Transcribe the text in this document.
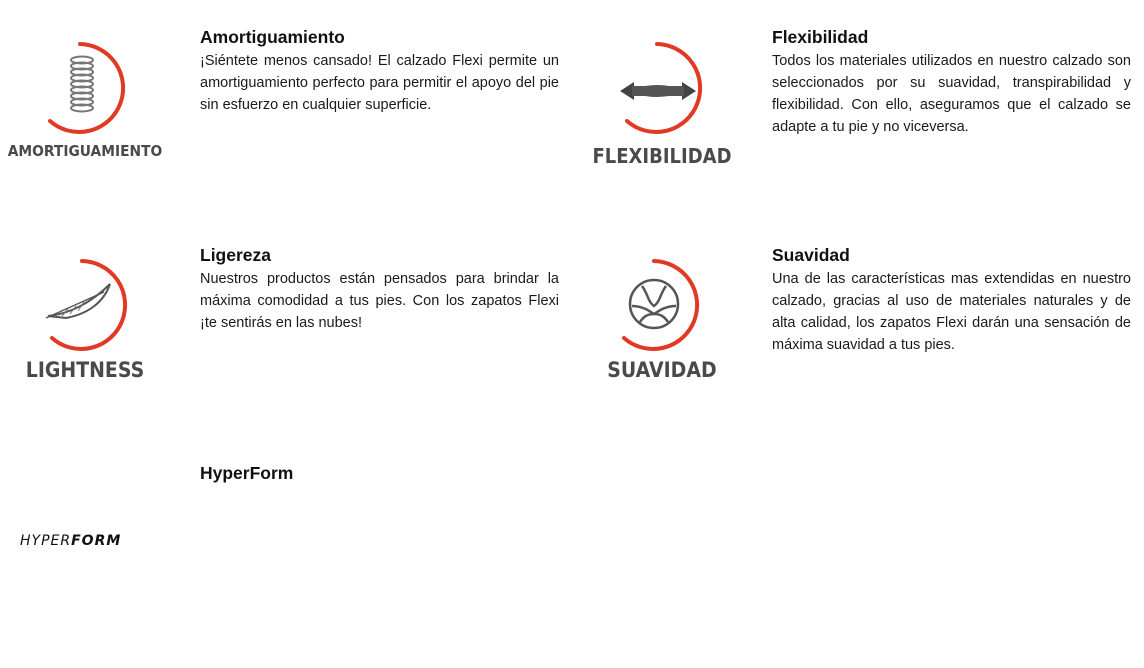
AMORTIGUAMIENTO
Amortiguamiento

¡Siéntete menos cansado! El calzado Flexi permite un amortiguamiento perfecto para permitir el apoyo del pie sin esfuerzo en cualquier superficie.

FLEXIBILIDAD
Flexibilidad

Todos los materiales utilizados en nuestro calzado son seleccionados por su suavidad, transpirabilidad y flexibilidad. Con ello, aseguramos que el calzado se adapte a tu pie y no viceversa.

LIGHTNESS
Ligereza

Nuestros productos están pensados para brindar la máxima comodidad a tus pies. Con los zapatos Flexi ¡te sentirás en las nubes!

SUAVIDAD
Suavidad

Una de las características mas extendidas en nuestro calzado, gracias al uso de materiales naturales y de alta calidad, los zapatos Flexi darán una sensación de máxima suavidad a tus pies.

HyperForm
HYPERFORM
